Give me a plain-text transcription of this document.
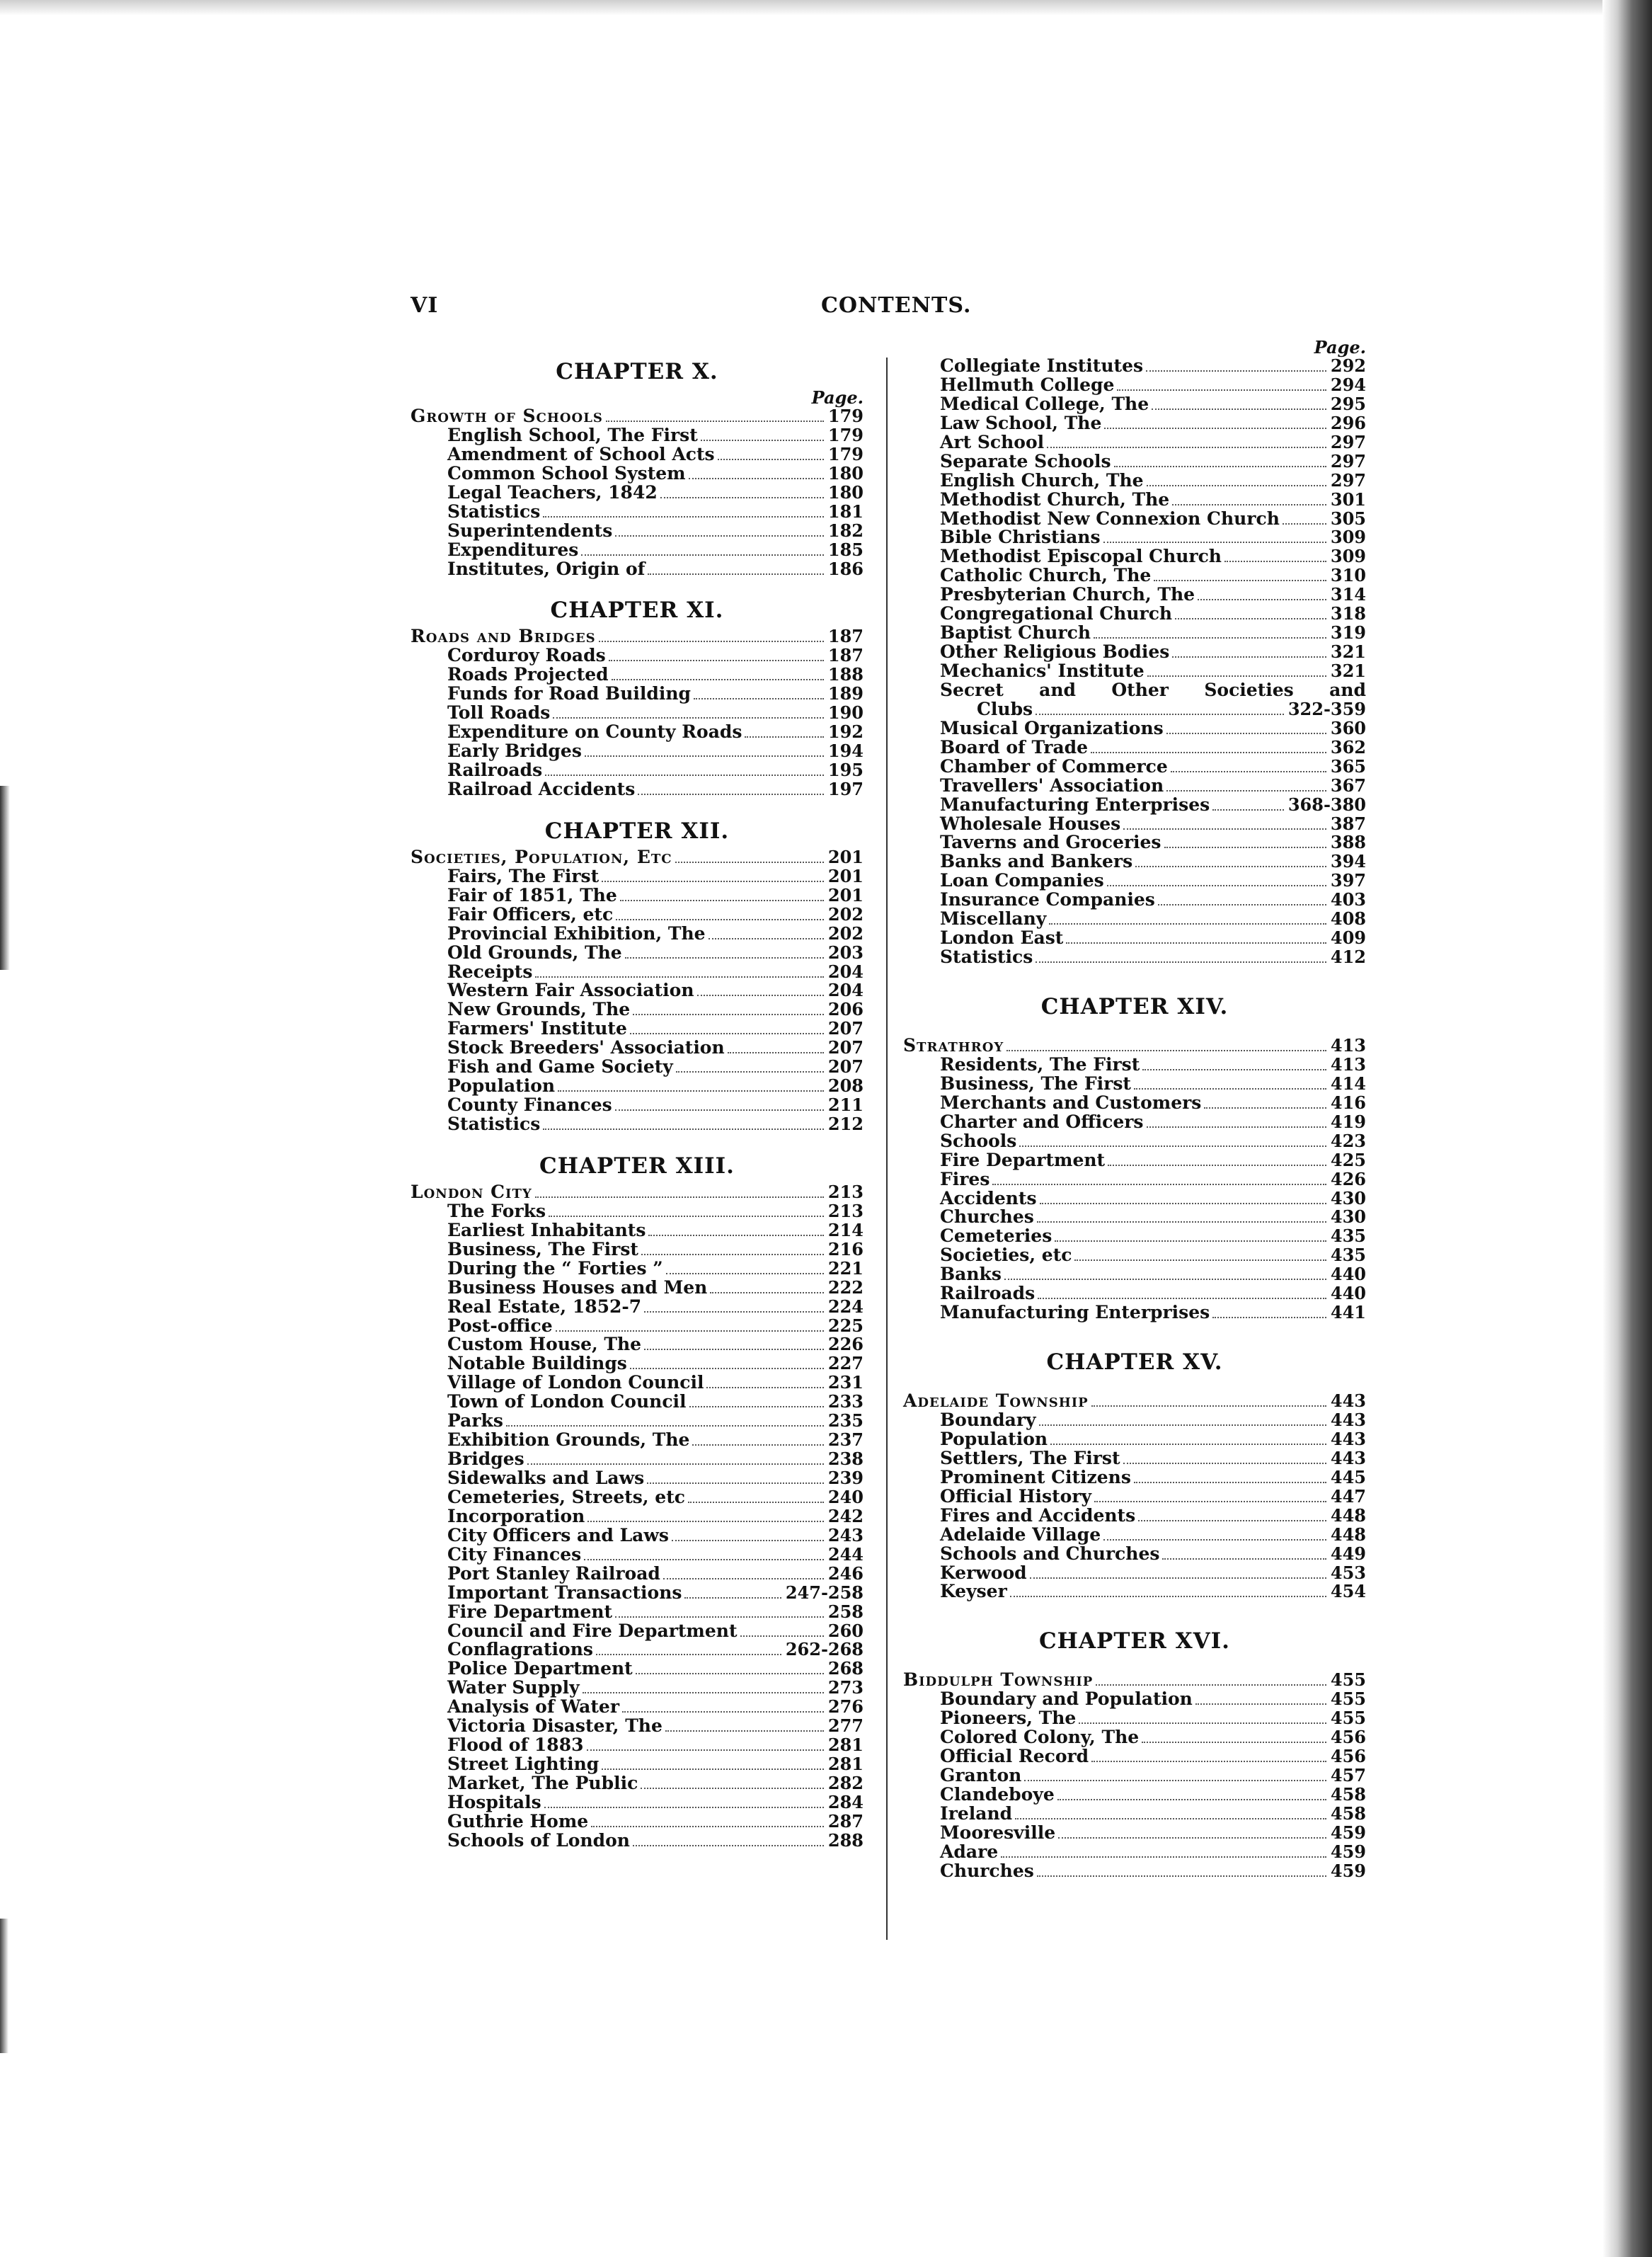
VI	CONTENTS.
CHAPTER X.
Page.
Growth of Schools	179
English School, The First	179
Amendment of School Acts	179
Common School System	180
Legal Teachers, 1842	180
Statistics	181
Superintendents	182
Expenditures	185
Institutes, Origin of	186
CHAPTER XI.
Roads and Bridges	187
Corduroy Roads	187
Roads Projected	188
Funds for Road Building	189
Toll Roads	190
Expenditure on County Roads	192
Early Bridges	194
Railroads	195
Railroad Accidents	197
CHAPTER XII.
Societies, Population, Etc	201
Fairs, The First	201
Fair of 1851, The	201
Fair Officers, etc	202
Provincial Exhibition, The	202
Old Grounds, The	203
Receipts	204
Western Fair Association	204
New Grounds, The	206
Farmers' Institute	207
Stock Breeders' Association	207
Fish and Game Society	207
Population	208
County Finances	211
Statistics	212
CHAPTER XIII.
London City	213
The Forks	213
Earliest Inhabitants	214
Business, The First	216
During the “ Forties ”	221
Business Houses and Men	222
Real Estate, 1852-7	224
Post-office	225
Custom House, The	226
Notable Buildings	227
Village of London Council	231
Town of London Council	233
Parks	235
Exhibition Grounds, The	237
Bridges	238
Sidewalks and Laws	239
Cemeteries, Streets, etc	240
Incorporation	242
City Officers and Laws	243
City Finances	244
Port Stanley Railroad	246
Important Transactions	247-258
Fire Department	258
Council and Fire Department	260
Conflagrations	262-268
Police Department	268
Water Supply	273
Analysis of Water	276
Victoria Disaster, The	277
Flood of 1883	281
Street Lighting	281
Market, The Public	282
Hospitals	284
Guthrie Home	287
Schools of London	288
Page.
Collegiate Institutes	292
Hellmuth College	294
Medical College, The	295
Law School, The	296
Art School	297
Separate Schools	297
English Church, The	297
Methodist Church, The	301
Methodist New Connexion Church	305
Bible Christians	309
Methodist Episcopal Church	309
Catholic Church, The	310
Presbyterian Church, The	314
Congregational Church	318
Baptist Church	319
Other Religious Bodies	321
Mechanics' Institute	321
Secret and Other Societies and
Clubs	322-359
Musical Organizations	360
Board of Trade	362
Chamber of Commerce	365
Travellers' Association	367
Manufacturing Enterprises	368-380
Wholesale Houses	387
Taverns and Groceries	388
Banks and Bankers	394
Loan Companies	397
Insurance Companies	403
Miscellany	408
London East	409
Statistics	412
CHAPTER XIV.
Strathroy	413
Residents, The First	413
Business, The First	414
Merchants and Customers	416
Charter and Officers	419
Schools	423
Fire Department	425
Fires	426
Accidents	430
Churches	430
Cemeteries	435
Societies, etc	435
Banks	440
Railroads	440
Manufacturing Enterprises	441
CHAPTER XV.
Adelaide Township	443
Boundary	443
Population	443
Settlers, The First	443
Prominent Citizens	445
Official History	447
Fires and Accidents	448
Adelaide Village	448
Schools and Churches	449
Kerwood	453
Keyser	454
CHAPTER XVI.
Biddulph Township	455
Boundary and Population	455
Pioneers, The	455
Colored Colony, The	456
Official Record	456
Granton	457
Clandeboye	458
Ireland	458
Mooresville	459
Adare	459
Churches	459
